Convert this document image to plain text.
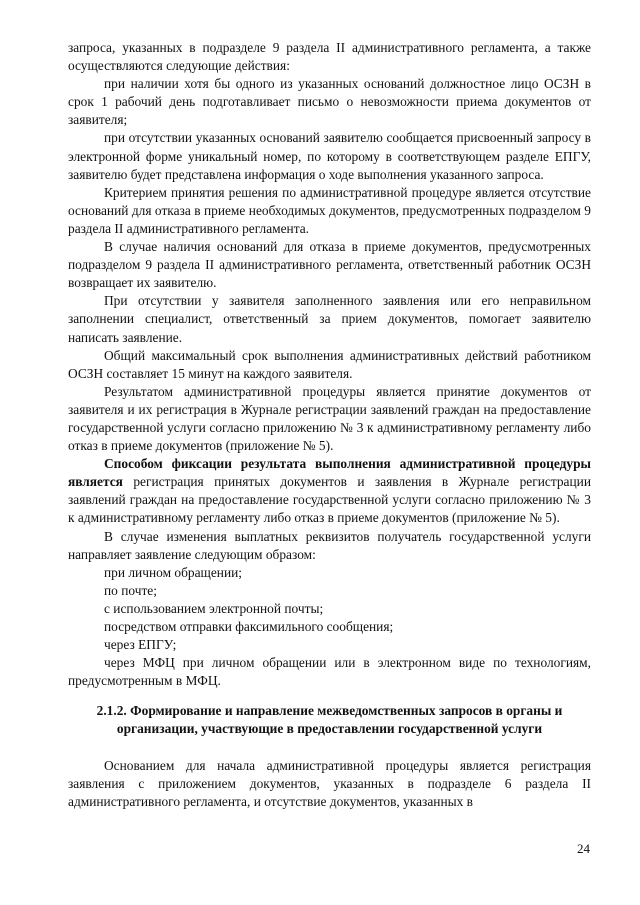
запроса, указанных в подразделе 9 раздела II административного регламента, а также осуществляются следующие действия:

при наличии хотя бы одного из указанных оснований должностное лицо ОСЗН в срок 1 рабочий день подготавливает письмо о невозможности приема документов от заявителя;

при отсутствии указанных оснований заявителю сообщается присвоенный запросу в электронной форме уникальный номер, по которому в соответствующем разделе ЕПГУ, заявителю будет представлена информация о ходе выполнения указанного запроса.

Критерием принятия решения по административной процедуре является отсутствие оснований для отказа в приеме необходимых документов, предусмотренных подразделом 9 раздела II административного регламента.

В случае наличия оснований для отказа в приеме документов, предусмотренных подразделом 9 раздела II административного регламента, ответственный работник ОСЗН возвращает их заявителю.

При отсутствии у заявителя заполненного заявления или его неправильном заполнении специалист, ответственный за прием документов, помогает заявителю написать заявление.

Общий максимальный срок выполнения административных действий работником ОСЗН составляет 15 минут на каждого заявителя.

Результатом административной процедуры является принятие документов от заявителя и их регистрация в Журнале регистрации заявлений граждан на предоставление государственной услуги согласно приложению № 3 к административному регламенту либо отказ в приеме документов (приложение № 5).

Способом фиксации результата выполнения административной процедуры является регистрация принятых документов и заявления в Журнале регистрации заявлений граждан на предоставление государственной услуги согласно приложению № 3 к административному регламенту либо отказ в приеме документов (приложение № 5).

В случае изменения выплатных реквизитов получатель государственной услуги направляет заявление следующим образом:

при личном обращении;

по почте;

с использованием электронной почты;

посредством отправки факсимильного сообщения;

через ЕПГУ;

через МФЦ при личном обращении или в электронном виде по технологиям, предусмотренным в МФЦ.

2.1.2. Формирование и направление межведомственных запросов в органы и организации, участвующие в предоставлении государственной услуги

Основанием для начала административной процедуры является регистрация заявления с приложением документов, указанных в подразделе 6 раздела II административного регламента, и отсутствие документов, указанных в

24
